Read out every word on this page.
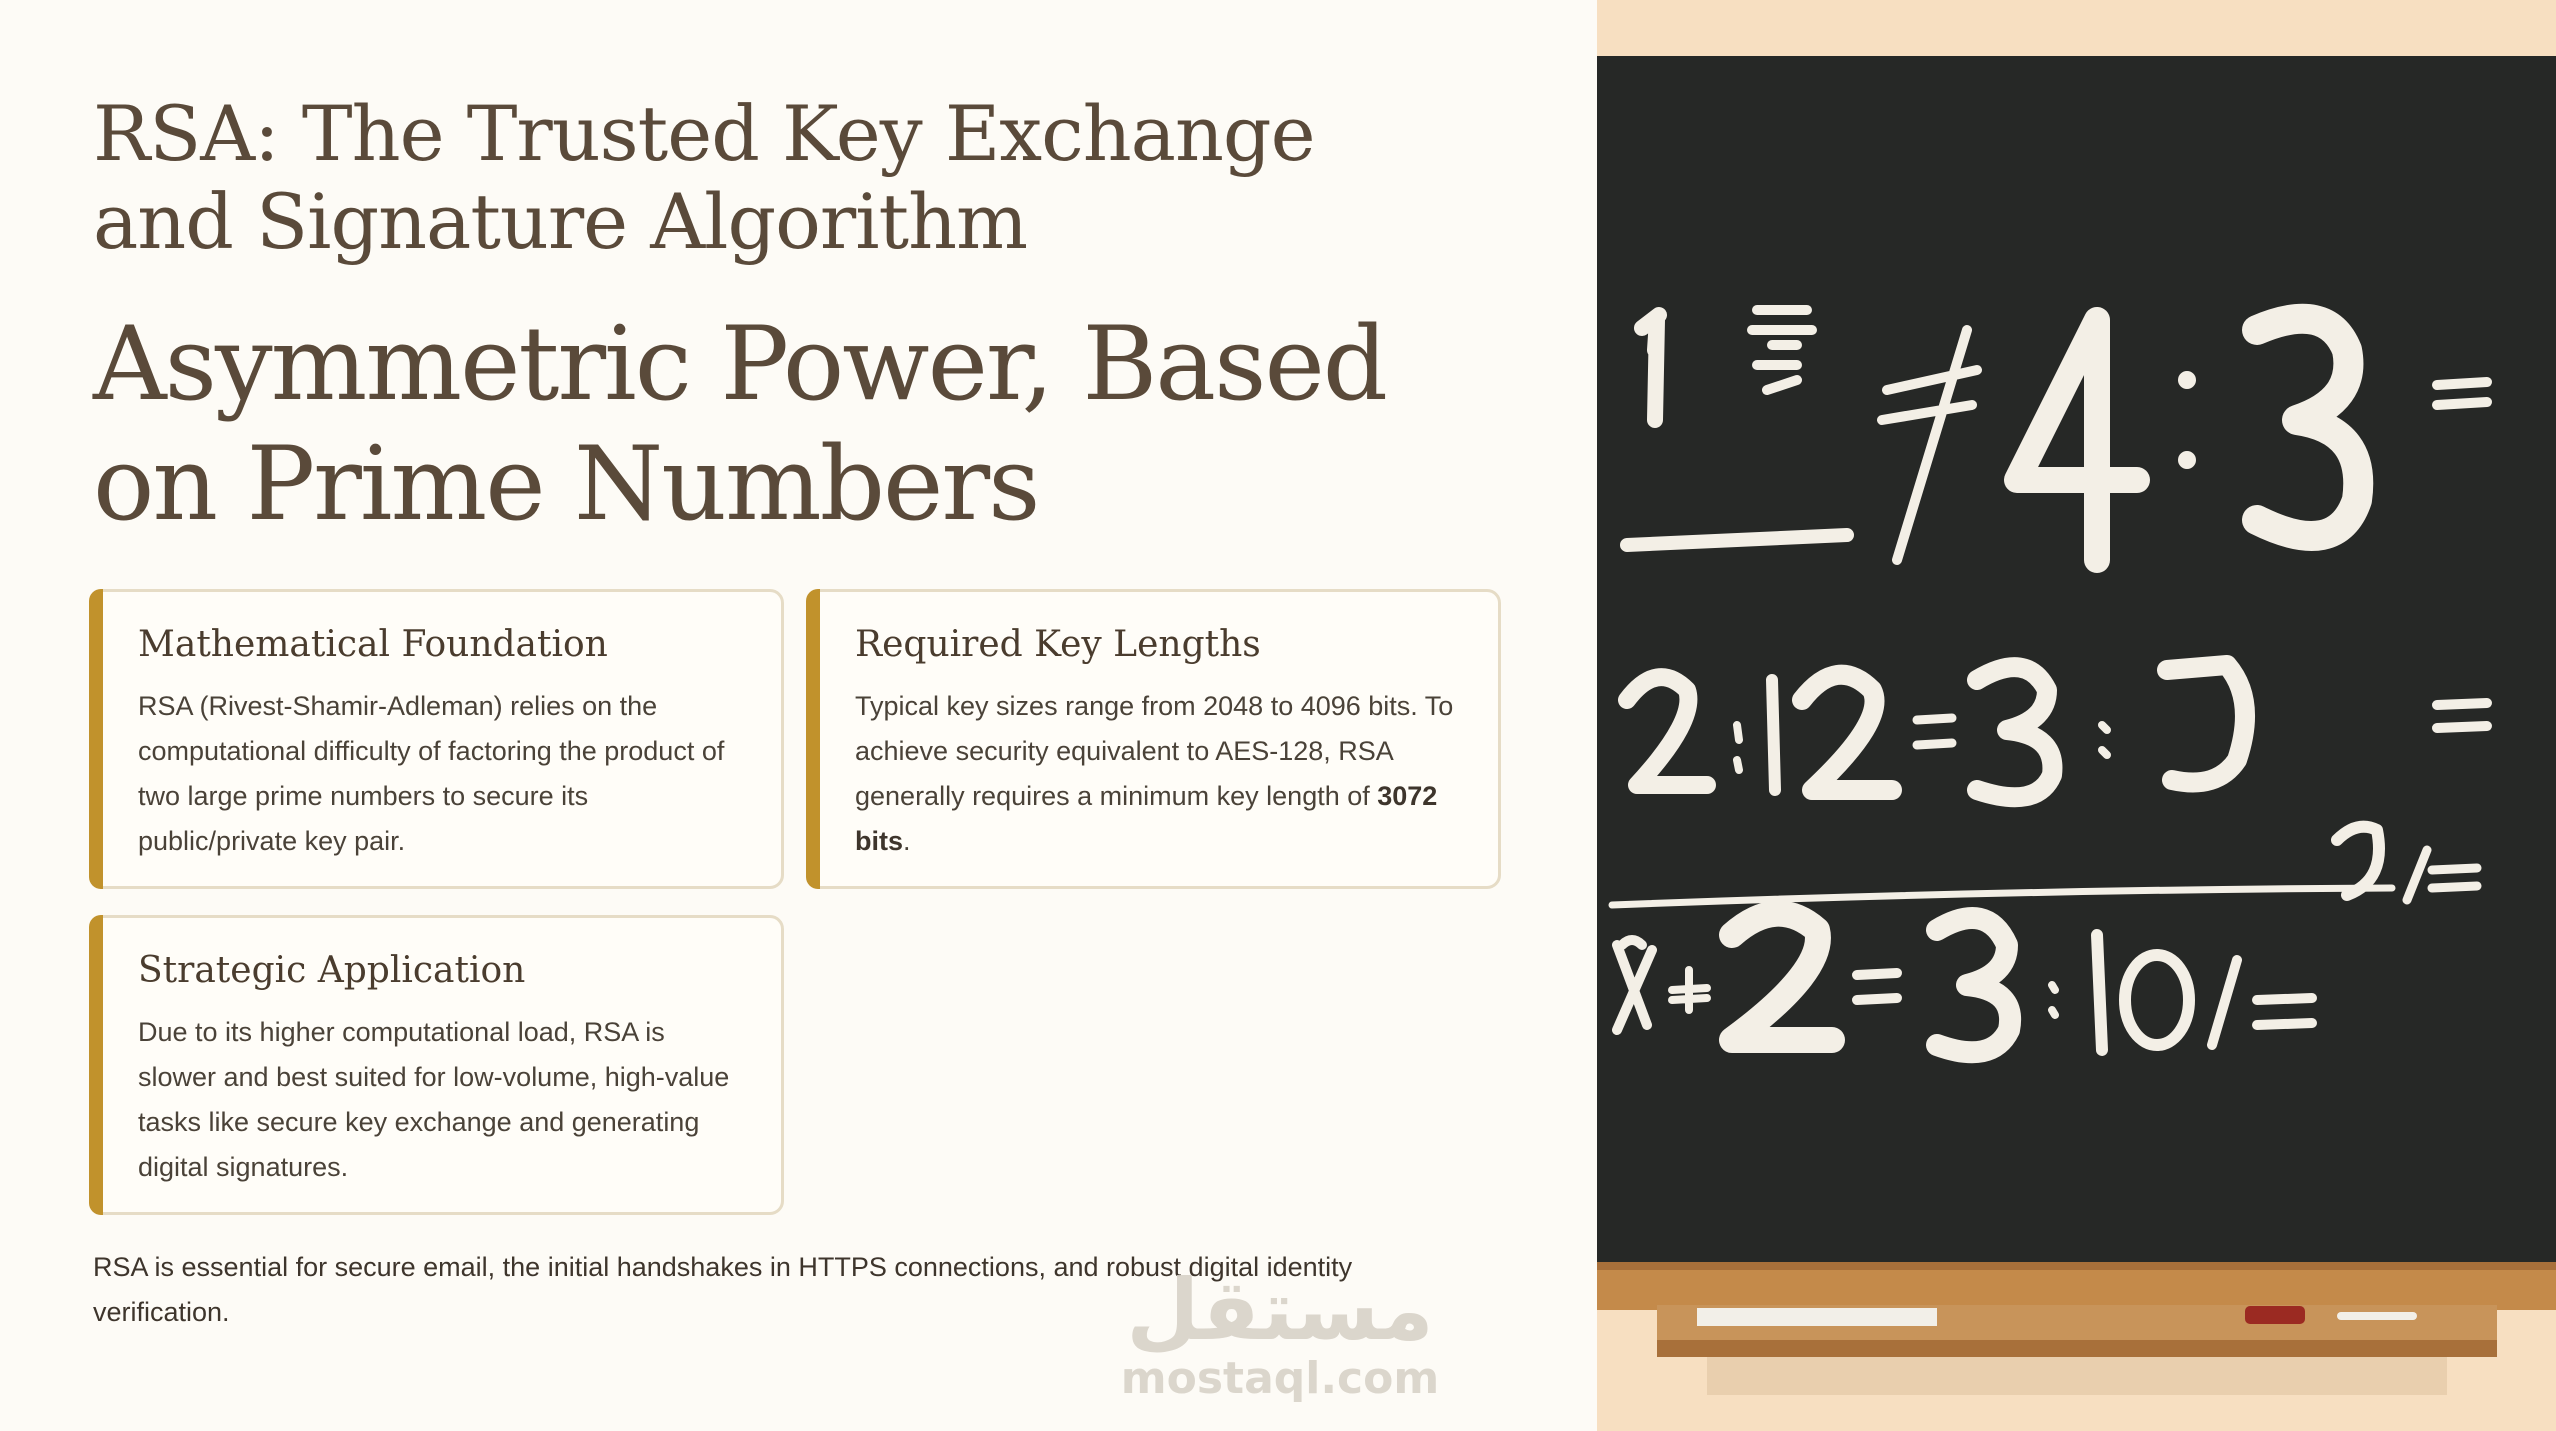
RSA: The Trusted Key Exchange and Signature Algorithm
Asymmetric Power, Based on Prime Numbers
Mathematical Foundation

RSA (Rivest-Shamir-Adleman) relies on the computational difficulty of factoring the product of two large prime numbers to secure its public/private key pair.

Required Key Lengths

Typical key sizes range from 2048 to 4096 bits. To achieve security equivalent to AES-128, RSA generally requires a minimum key length of 3072 bits.

Strategic Application

Due to its higher computational load, RSA is slower and best suited for low-volume, high-value tasks like secure key exchange and generating digital signatures.

RSA is essential for secure email, the initial handshakes in HTTPS connections, and robust digital identity verification.	مستقل
mostaql.com
